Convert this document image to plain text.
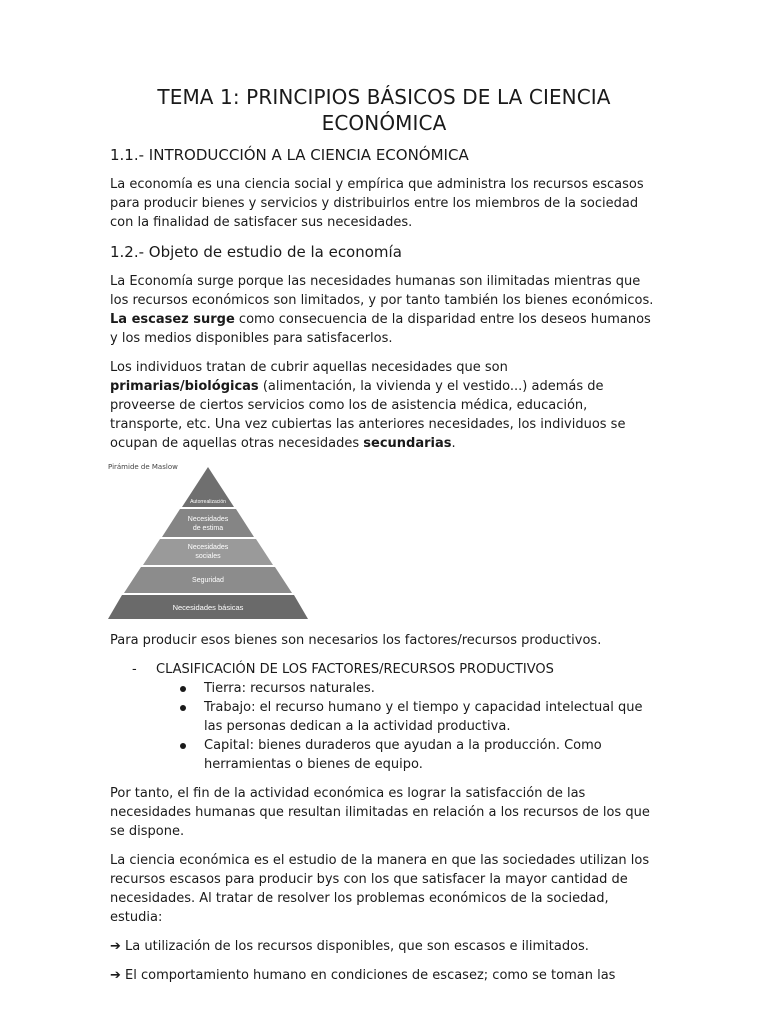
TEMA 1: PRINCIPIOS BÁSICOS DE LA CIENCIA ECONÓMICA
1.1.- INTRODUCCIÓN A LA CIENCIA ECONÓMICA

La economía es una ciencia social y empírica que administra los recursos escasos para producir bienes y servicios y distribuirlos entre los miembros de la sociedad con la finalidad de satisfacer sus necesidades.

1.2.- Objeto de estudio de la economía

La Economía surge porque las necesidades humanas son ilimitadas mientras que los recursos económicos son limitados, y por tanto también los bienes económicos. La escasez surge como consecuencia de la disparidad entre los deseos humanos y los medios disponibles para satisfacerlos.

Los individuos tratan de cubrir aquellas necesidades que son primarias/biológicas (alimentación, la vivienda y el vestido...) además de proveerse de ciertos servicios como los de asistencia médica, educación, transporte, etc. Una vez cubiertas las anteriores necesidades, los individuos se ocupan de aquellas otras necesidades secundarias.

Pirámide de Maslow
Autorrealización
Necesidades de estima
Necesidades sociales
Seguridad
Necesidades básicas

Para producir esos bienes son necesarios los factores/recursos productivos.

- CLASIFICACIÓN DE LOS FACTORES/RECURSOS PRODUCTIVOS
Tierra: recursos naturales.
Trabajo: el recurso humano y el tiempo y capacidad intelectual que las personas dedican a la actividad productiva.
Capital: bienes duraderos que ayudan a la producción. Como herramientas o bienes de equipo.

Por tanto, el fin de la actividad económica es lograr la satisfacción de las necesidades humanas que resultan ilimitadas en relación a los recursos de los que se dispone.

La ciencia económica es el estudio de la manera en que las sociedades utilizan los recursos escasos para producir bys con los que satisfacer la mayor cantidad de necesidades. Al tratar de resolver los problemas económicos de la sociedad, estudia:

➔ La utilización de los recursos disponibles, que son escasos e ilimitados.

➔ El comportamiento humano en condiciones de escasez; como se toman las
